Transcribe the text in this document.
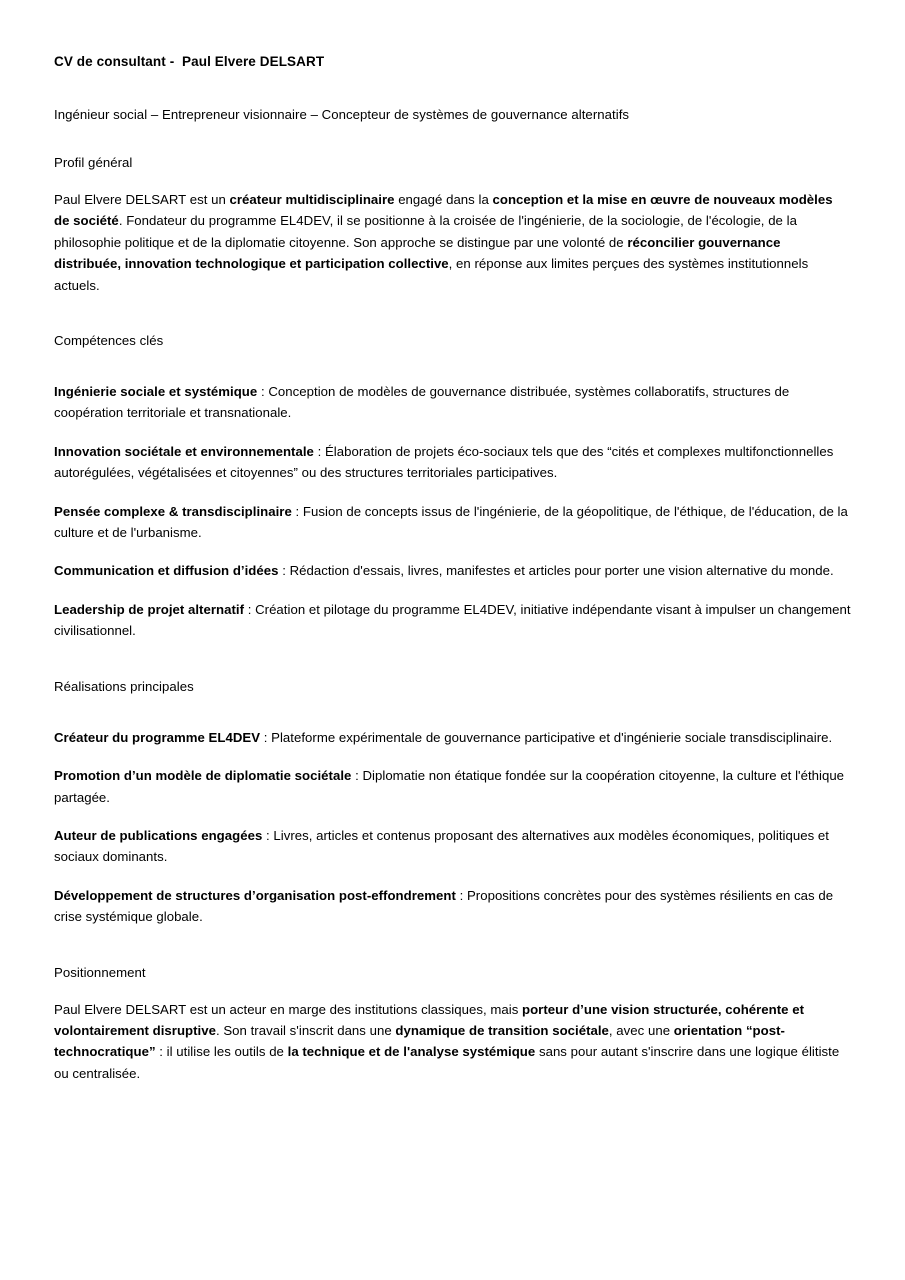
CV de consultant -  Paul Elvere DELSART

Ingénieur social – Entrepreneur visionnaire – Concepteur de systèmes de gouvernance alternatifs

Profil général

Paul Elvere DELSART est un créateur multidisciplinaire engagé dans la conception et la mise en œuvre de nouveaux modèles de société. Fondateur du programme EL4DEV, il se positionne à la croisée de l'ingénierie, de la sociologie, de l'écologie, de la philosophie politique et de la diplomatie citoyenne. Son approche se distingue par une volonté de réconcilier gouvernance distribuée, innovation technologique et participation collective, en réponse aux limites perçues des systèmes institutionnels actuels.

Compétences clés

Ingénierie sociale et systémique : Conception de modèles de gouvernance distribuée, systèmes collaboratifs, structures de coopération territoriale et transnationale.

Innovation sociétale et environnementale : Élaboration de projets éco-sociaux tels que des “cités et complexes multifonctionnelles autorégulées, végétalisées et citoyennes” ou des structures territoriales participatives.

Pensée complexe & transdisciplinaire : Fusion de concepts issus de l'ingénierie, de la géopolitique, de l'éthique, de l'éducation, de la culture et de l'urbanisme.

Communication et diffusion d’idées : Rédaction d'essais, livres, manifestes et articles pour porter une vision alternative du monde.

Leadership de projet alternatif : Création et pilotage du programme EL4DEV, initiative indépendante visant à impulser un changement civilisationnel.

Réalisations principales

Créateur du programme EL4DEV : Plateforme expérimentale de gouvernance participative et d'ingénierie sociale transdisciplinaire.

Promotion d’un modèle de diplomatie sociétale : Diplomatie non étatique fondée sur la coopération citoyenne, la culture et l'éthique partagée.

Auteur de publications engagées : Livres, articles et contenus proposant des alternatives aux modèles économiques, politiques et sociaux dominants.

Développement de structures d’organisation post-effondrement : Propositions concrètes pour des systèmes résilients en cas de crise systémique globale.

Positionnement

Paul Elvere DELSART est un acteur en marge des institutions classiques, mais porteur d’une vision structurée, cohérente et volontairement disruptive. Son travail s'inscrit dans une dynamique de transition sociétale, avec une orientation “post-technocratique” : il utilise les outils de la technique et de l'analyse systémique sans pour autant s'inscrire dans une logique élitiste ou centralisée.
